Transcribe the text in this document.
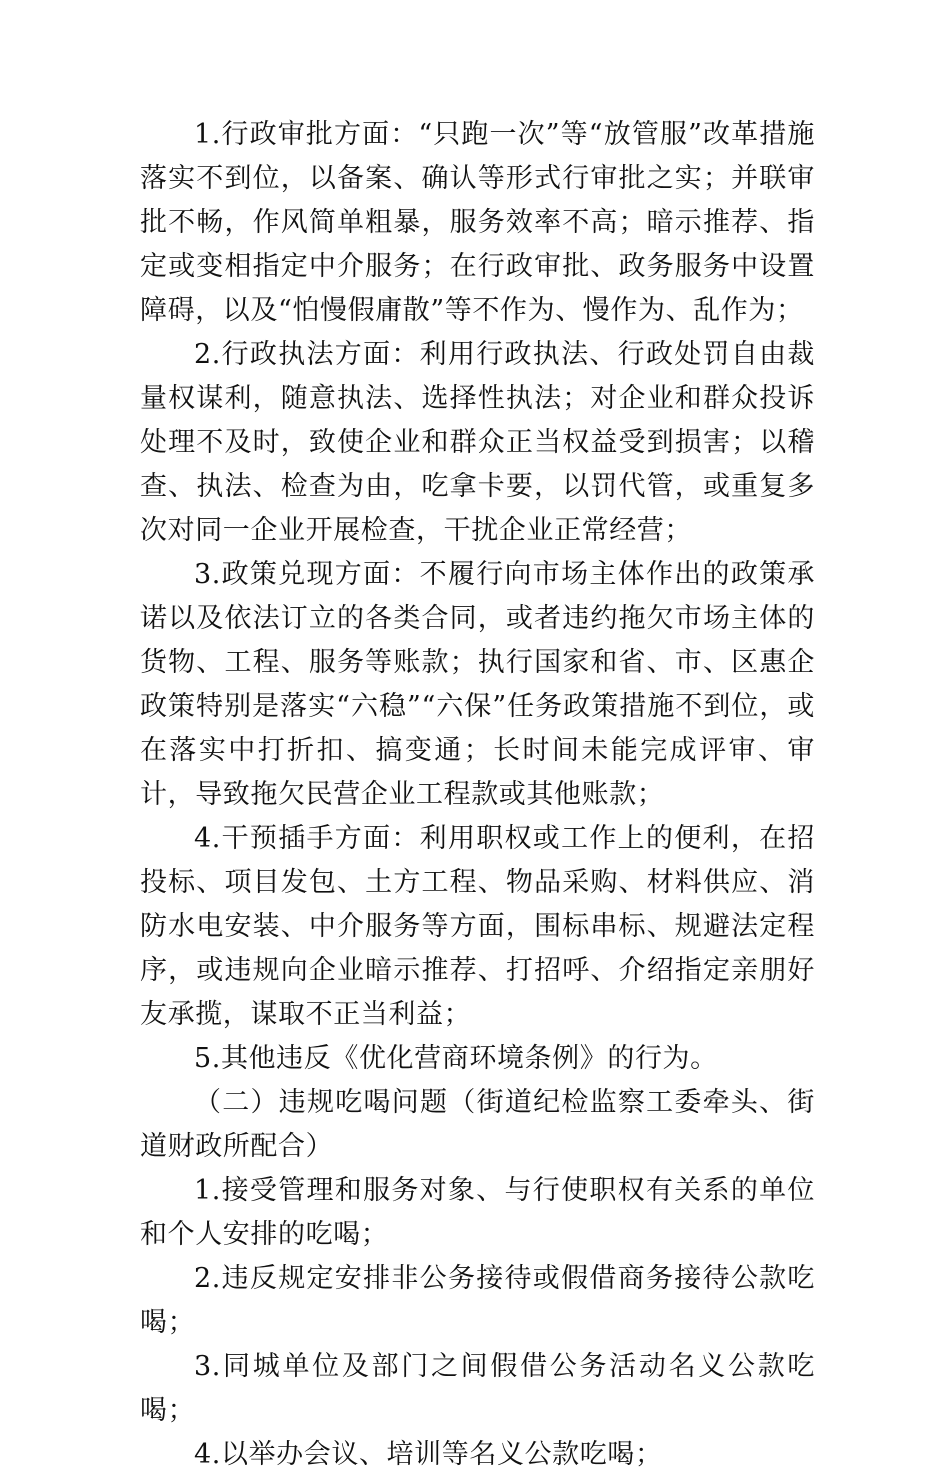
1.行政审批方面：“只跑一次”等“放管服”改革措施落实不到位，以备案、确认等形式行审批之实；并联审批不畅，作风简单粗暴，服务效率不高；暗示推荐、指定或变相指定中介服务；在行政审批、政务服务中设置障碍，以及“怕慢假庸散”等不作为、慢作为、乱作为；

2.行政执法方面：利用行政执法、行政处罚自由裁量权谋利，随意执法、选择性执法；对企业和群众投诉处理不及时，致使企业和群众正当权益受到损害；以稽查、执法、检查为由，吃拿卡要，以罚代管，或重复多次对同一企业开展检查，干扰企业正常经营；

3.政策兑现方面：不履行向市场主体作出的政策承诺以及依法订立的各类合同，或者违约拖欠市场主体的货物、工程、服务等账款；执行国家和省、市、区惠企政策特别是落实“六稳”“六保”任务政策措施不到位，或在落实中打折扣、搞变通；长时间未能完成评审、审计，导致拖欠民营企业工程款或其他账款；

4.干预插手方面：利用职权或工作上的便利，在招投标、项目发包、土方工程、物品采购、材料供应、消防水电安装、中介服务等方面，围标串标、规避法定程序，或违规向企业暗示推荐、打招呼、介绍指定亲朋好友承揽，谋取不正当利益；

5.其他违反《优化营商环境条例》的行为。

（二）违规吃喝问题（街道纪检监察工委牵头、街道财政所配合）

1.接受管理和服务对象、与行使职权有关系的单位和个人安排的吃喝；

2.违反规定安排非公务接待或假借商务接待公款吃喝；

3.同城单位及部门之间假借公务活动名义公款吃喝；

4.以举办会议、培训等名义公款吃喝；
